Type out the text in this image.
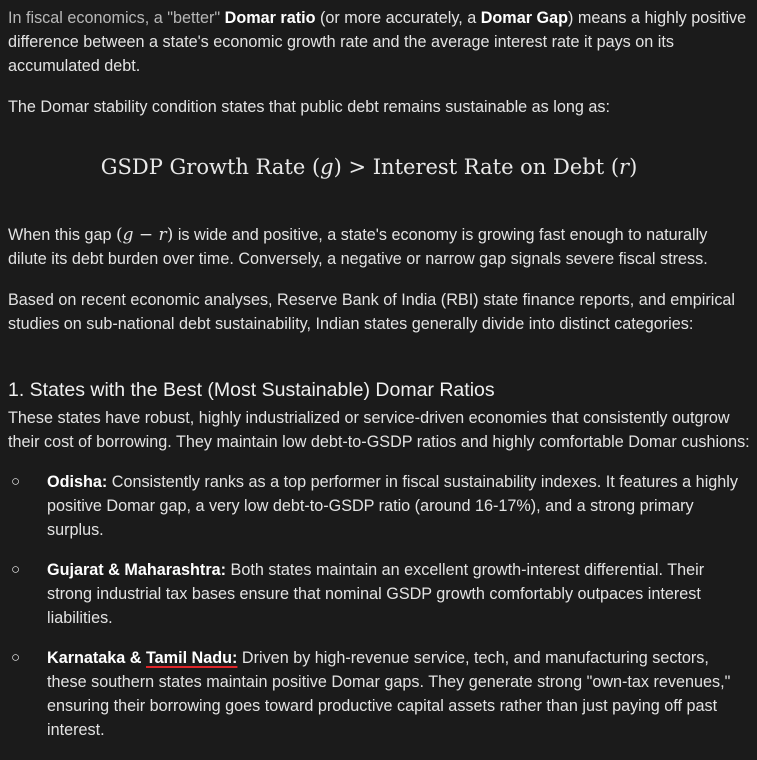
In fiscal economics, a "better" Domar ratio (or more accurately, a Domar Gap) means a highly positive difference between a state's economic growth rate and the average interest rate it pays on its accumulated debt.

The Domar stability condition states that public debt remains sustainable as long as:

GSDP Growth Rate (g) > Interest Rate on Debt (r)

When this gap (g − r) is wide and positive, a state's economy is growing fast enough to naturally dilute its debt burden over time. Conversely, a negative or narrow gap signals severe fiscal stress.

Based on recent economic analyses, Reserve Bank of India (RBI) state finance reports, and empirical studies on sub-national debt sustainability, Indian states generally divide into distinct categories:

1. States with the Best (Most Sustainable) Domar Ratios

These states have robust, highly industrialized or service-driven economies that consistently outgrow their cost of borrowing. They maintain low debt-to-GSDP ratios and highly comfortable Domar cushions:

○ Odisha: Consistently ranks as a top performer in fiscal sustainability indexes. It features a highly positive Domar gap, a very low debt-to-GSDP ratio (around 16-17%), and a strong primary surplus.
○ Gujarat & Maharashtra: Both states maintain an excellent growth-interest differential. Their strong industrial tax bases ensure that nominal GSDP growth comfortably outpaces interest liabilities.
○ Karnataka & Tamil Nadu: Driven by high-revenue service, tech, and manufacturing sectors, these southern states maintain positive Domar gaps. They generate strong "own-tax revenues," ensuring their borrowing goes toward productive capital assets rather than just paying off past interest.
